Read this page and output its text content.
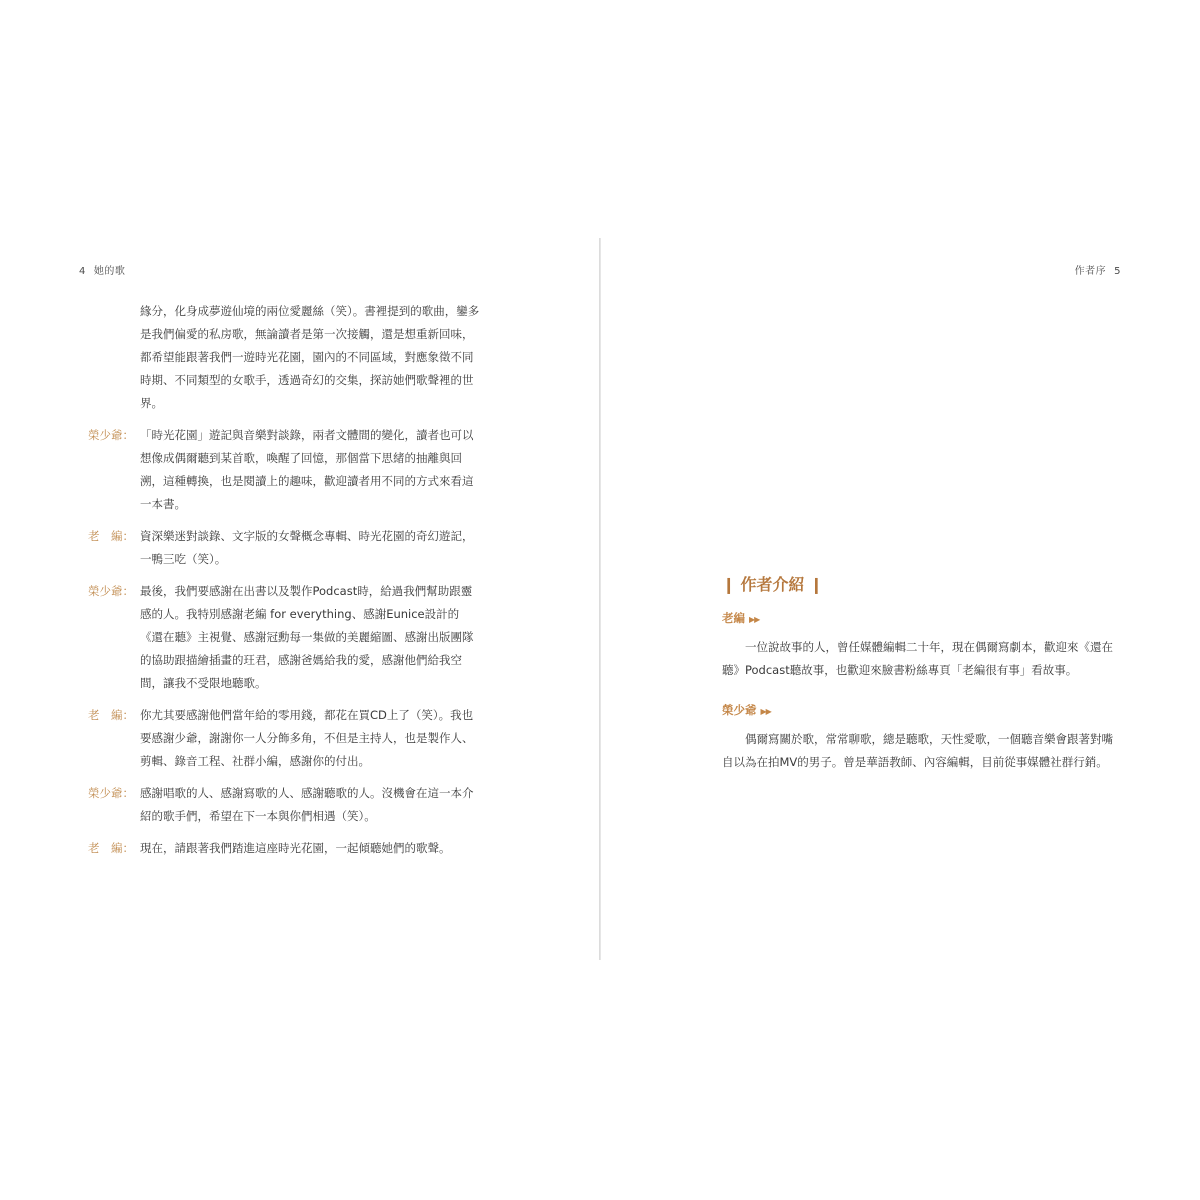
4 她的歌	作者序 5
緣分，化身成夢遊仙境的兩位愛麗絲（笑）。書裡提到的歌曲，鑾多是我們偏愛的私房歌，無論讀者是第一次接觸，還是想重新回味，都希望能跟著我們一遊時光花園，園內的不同區域，對應象徵不同時期、不同類型的女歌手，透過奇幻的交集，探訪她們歌聲裡的世界。
榮少爺： 「時光花園」遊記與音樂對談錄，兩者文體間的變化，讀者也可以想像成偶爾聽到某首歌，喚醒了回憶，那個當下思緒的抽離與回溯，這種轉換，也是閱讀上的趣味，歡迎讀者用不同的方式來看這一本書。
老　編： 資深樂迷對談錄、文字版的女聲概念專輯、時光花園的奇幻遊記，一鴨三吃（笑）。
榮少爺： 最後，我們要感謝在出書以及製作Podcast時，給過我們幫助跟靈感的人。我特別感謝老編 for everything、感謝Eunice設計的《還在聽》主視覺、感謝冠勳每一集做的美麗縮圖、感謝出版團隊的協助跟描繪插畫的玨君，感謝爸媽給我的愛，感謝他們給我空間，讓我不受限地聽歌。
老　編： 你尤其要感謝他們當年給的零用錢，都花在買CD上了（笑）。我也要感謝少爺，謝謝你一人分飾多角，不但是主持人，也是製作人、剪輯、錄音工程、社群小編，感謝你的付出。
榮少爺： 感謝唱歌的人、感謝寫歌的人、感謝聽歌的人。沒機會在這一本介紹的歌手們，希望在下一本與你們相遇（笑）。
老　編： 現在，請跟著我們踏進這座時光花園，一起傾聽她們的歌聲。
❙ 作者介紹 ❙
老編 ▶▶

一位說故事的人，曾任媒體編輯二十年，現在偶爾寫劇本，歡迎來《還在聽》Podcast聽故事，也歡迎來臉書粉絲專頁「老編很有事」看故事。

榮少爺 ▶▶

偶爾寫關於歌，常常聊歌，總是聽歌，天性愛歌，一個聽音樂會跟著對嘴自以為在拍MV的男子。曾是華語教師、內容編輯，目前從事媒體社群行銷。
